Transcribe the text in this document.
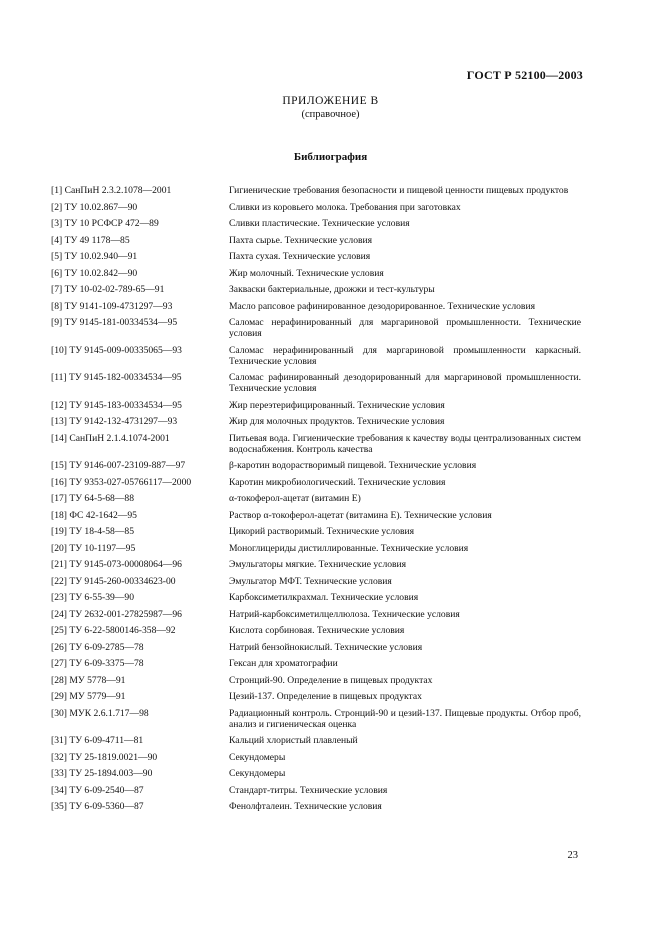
ГОСТ Р 52100—2003
ПРИЛОЖЕНИЕ В
(справочное)
Библиография
[1] СанПиН 2.3.2.1078—2001	Гигиенические требования безопасности и пищевой ценности пищевых продуктов
[2] ТУ 10.02.867—90	Сливки из коровьего молока. Требования при заготовках
[3] ТУ 10 РСФСР 472—89	Сливки пластические. Технические условия
[4] ТУ 49 1178—85	Пахта сырье. Технические условия
[5] ТУ 10.02.940—91	Пахта сухая. Технические условия
[6] ТУ 10.02.842—90	Жир молочный. Технические условия
[7] ТУ 10-02-02-789-65—91	Закваски бактериальные, дрожжи и тест-культуры
[8] ТУ 9141-109-4731297—93	Масло рапсовое рафинированное дезодорированное. Технические условия
[9] ТУ 9145-181-00334534—95	Саломас нерафинированный для маргариновой промышленности. Технические условия
[10] ТУ 9145-009-00335065—93	Саломас нерафинированный для маргариновой промышленности каркасный. Технические условия
[11] ТУ 9145-182-00334534—95	Саломас рафинированный дезодорированный для маргариновой промышленности. Технические условия
[12] ТУ 9145-183-00334534—95	Жир переэтерифицированный. Технические условия
[13] ТУ 9142-132-4731297—93	Жир для молочных продуктов. Технические условия
[14] СанПиН 2.1.4.1074-2001	Питьевая вода. Гигиенические требования к качеству воды централизованных систем водоснабжения. Контроль качества
[15] ТУ 9146-007-23109-887—97	β-каротин водорастворимый пищевой. Технические условия
[16] ТУ 9353-027-05766117—2000	Каротин микробиологический. Технические условия
[17] ТУ 64-5-68—88	α-токоферол-ацетат (витамин Е)
[18] ФС 42-1642—95	Раствор α-токоферол-ацетат (витамина Е). Технические условия
[19] ТУ 18-4-58—85	Цикорий растворимый. Технические условия
[20] ТУ 10-1197—95	Моноглицериды дистиллированные. Технические условия
[21] ТУ 9145-073-00008064—96	Эмульгаторы мягкие. Технические условия
[22] ТУ 9145-260-00334623-00	Эмульгатор МФТ. Технические условия
[23] ТУ 6-55-39—90	Карбоксиметилкрахмал. Технические условия
[24] ТУ 2632-001-27825987—96	Натрий-карбоксиметилцеллюлоза. Технические условия
[25] ТУ 6-22-5800146-358—92	Кислота сорбиновая. Технические условия
[26] ТУ 6-09-2785—78	Натрий бензойнокислый. Технические условия
[27] ТУ 6-09-3375—78	Гексан для хроматографии
[28] МУ 5778—91	Стронций-90. Определение в пищевых продуктах
[29] МУ 5779—91	Цезий-137. Определение в пищевых продуктах
[30] МУК 2.6.1.717—98	Радиационный контроль. Стронций-90 и цезий-137. Пищевые продукты. Отбор проб, анализ и гигиеническая оценка
[31] ТУ 6-09-4711—81	Кальций хлористый плавленый
[32] ТУ 25-1819.0021—90	Секундомеры
[33] ТУ 25-1894.003—90	Секундомеры
[34] ТУ 6-09-2540—87	Стандарт-титры. Технические условия
[35] ТУ 6-09-5360—87	Фенолфталеин. Технические условия
23
